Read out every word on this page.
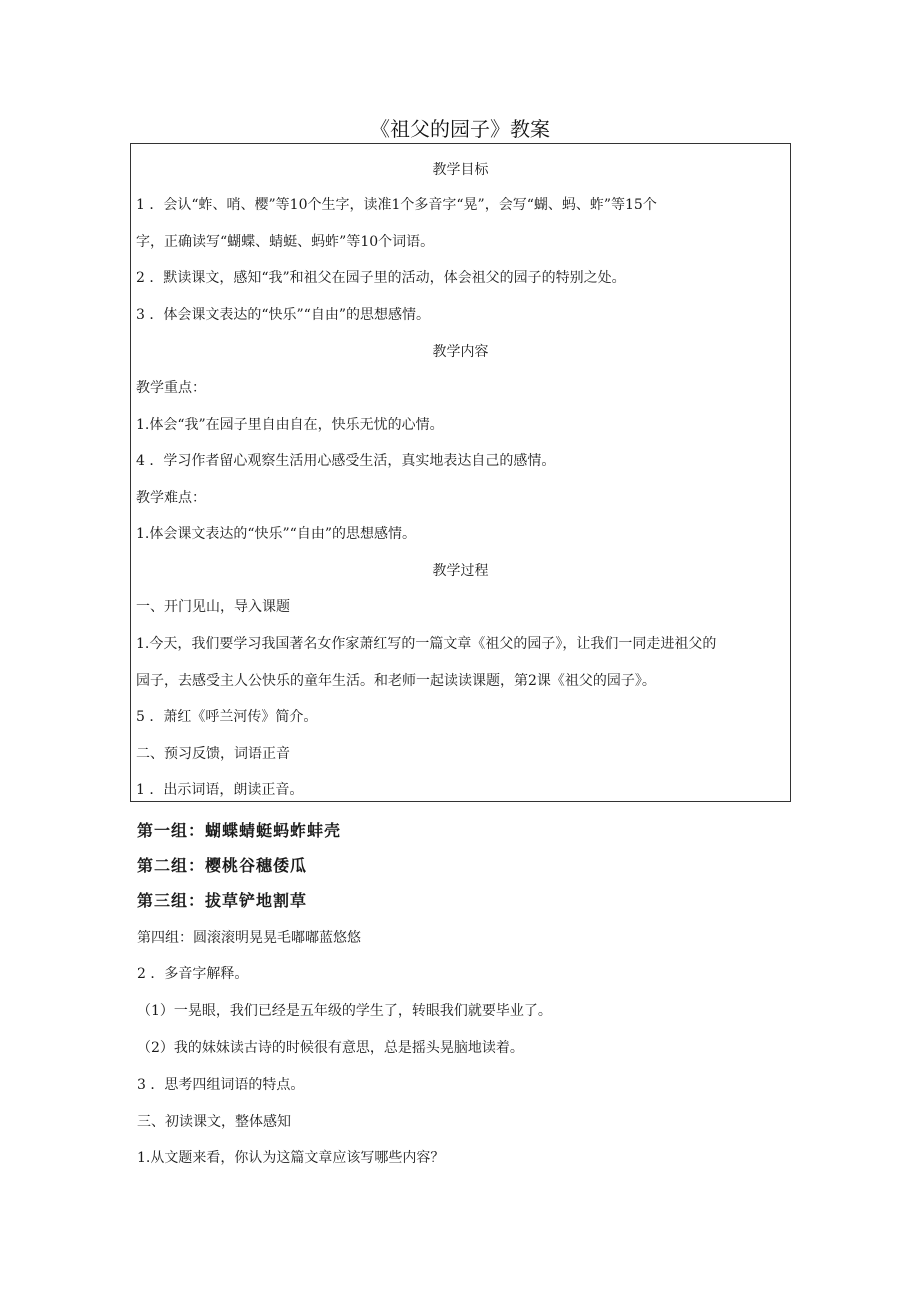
《祖父的园子》教案
教学目标
1 ．会认“蚱、哨、樱”等10个生字，读准1个多音字“晃”，会写“蝴、蚂、蚱”等15个
字，正确读写“蝴蝶、蜻蜓、蚂蚱”等10个词语。
2 ．默读课文，感知“我”和祖父在园子里的活动，体会祖父的园子的特别之处。
3 ．体会课文表达的“快乐”“自由”的思想感情。
教学内容
教学重点：
1.体会“我”在园子里自由自在，快乐无忧的心情。
4 ．学习作者留心观察生活用心感受生活，真实地表达自己的感情。
教学难点：
1.体会课文表达的“快乐”“自由”的思想感情。
教学过程
一、开门见山，导入课题
1.今天，我们要学习我国著名女作家萧红写的一篇文章《祖父的园子》，让我们一同走进祖父的
园子，去感受主人公快乐的童年生活。和老师一起读读课题，第2课《祖父的园子》。
5 ．萧红《呼兰河传》简介。
二、预习反馈，词语正音
1 ．出示词语，朗读正音。
第一组：蝴蝶蜻蜓蚂蚱蚌壳
第二组：樱桃谷穗倭瓜
第三组：拔草铲地割草
第四组：圆滚滚明晃晃毛嘟嘟蓝悠悠
2 ．多音字解释。
（1）一晃眼，我们已经是五年级的学生了，转眼我们就要毕业了。
（2）我的妹妹读古诗的时候很有意思，总是摇头晃脑地读着。
3 ．思考四组词语的特点。
三、初读课文，整体感知
1.从文题来看，你认为这篇文章应该写哪些内容？
